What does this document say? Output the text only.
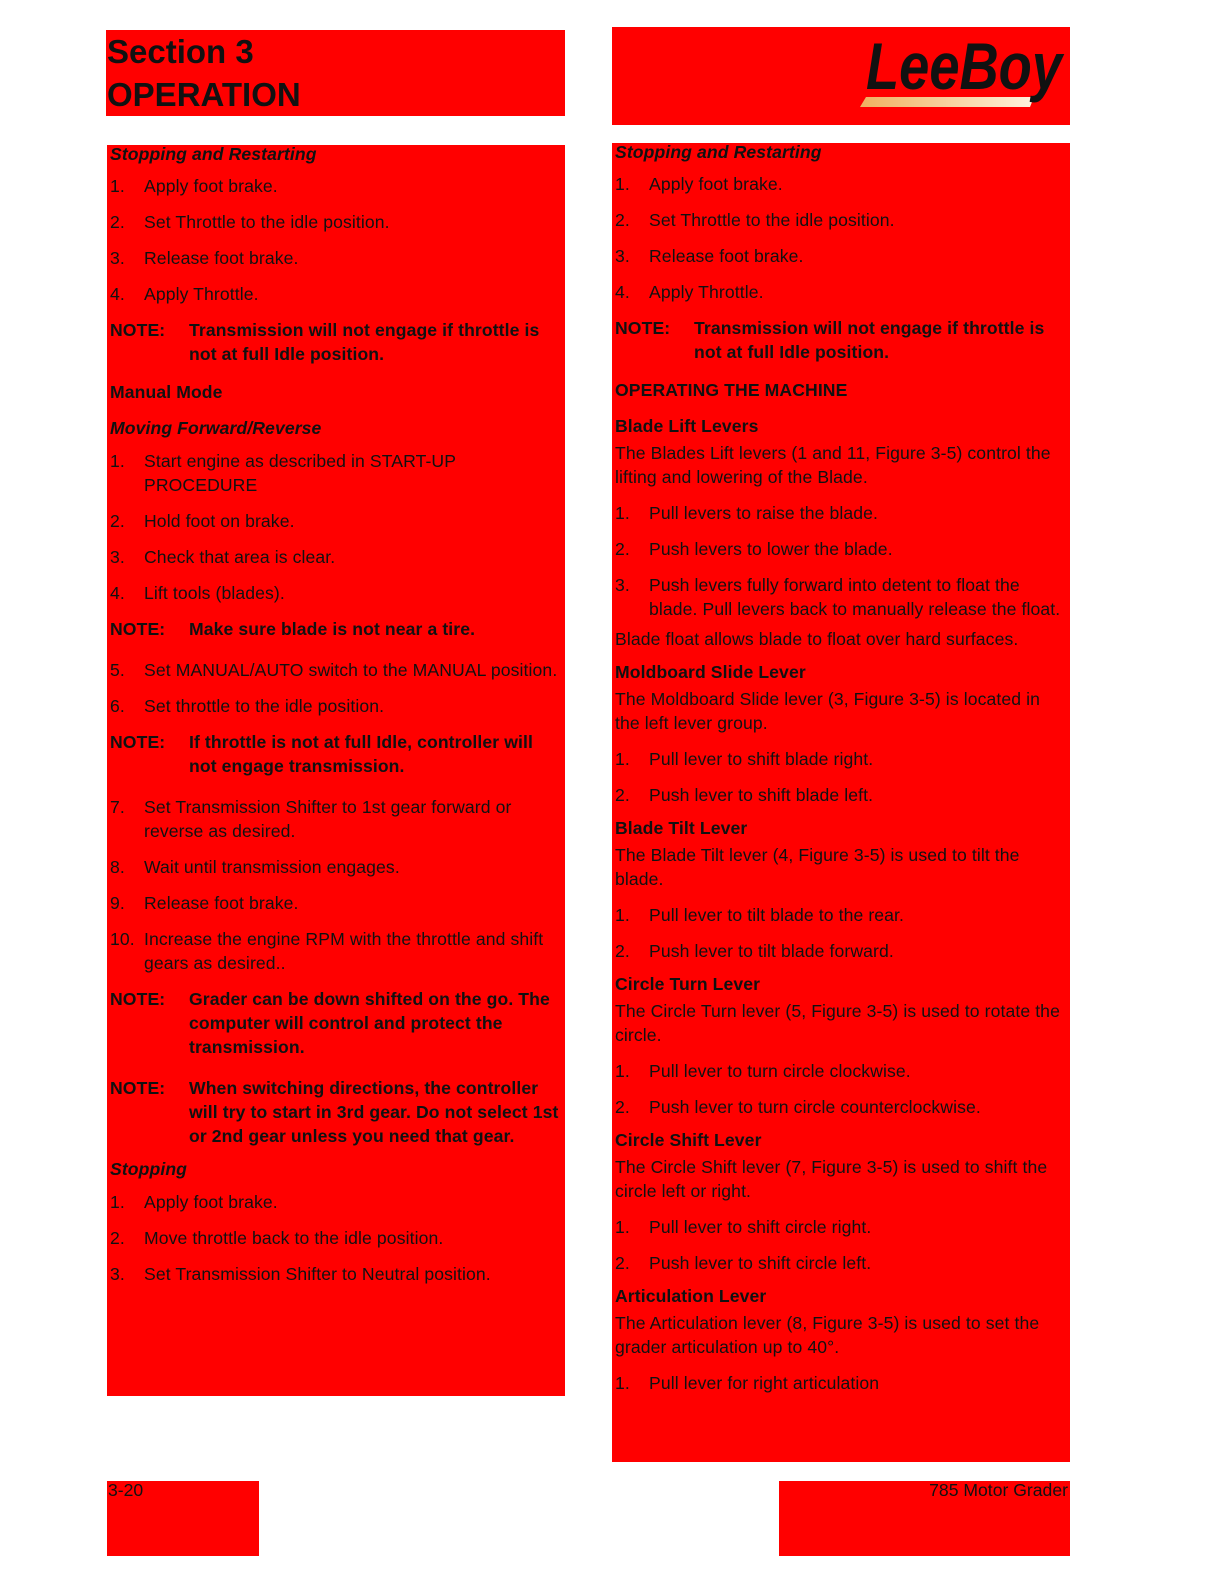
Section 3
OPERATION	LeeBoy
Stopping and Restarting
1.	Apply foot brake.
2.	Set Throttle to the idle position.
3.	Release foot brake.
4.	Apply Throttle.
NOTE:	Transmission will not engage if throttle is not at full Idle position.
Manual Mode
Moving Forward/Reverse
1.	Start engine as described in START-UP PROCEDURE
2.	Hold foot on brake.
3.	Check that area is clear.
4.	Lift tools (blades).
NOTE:	Make sure blade is not near a tire.
5.	Set MANUAL/AUTO switch to the MANUAL position.
6.	Set throttle to the idle position.
NOTE:	If throttle is not at full Idle, controller will not engage transmission.
7.	Set Transmission Shifter to 1st gear forward or reverse as desired.
8.	Wait until transmission engages.
9.	Release foot brake.
10. Increase the engine RPM with the throttle and shift gears as desired..
NOTE:	Grader can be down shifted on the go. The computer will control and protect the transmission.
NOTE:	When switching directions, the controller will try to start in 3rd gear. Do not select 1st or 2nd gear unless you need that gear.
Stopping
1.	Apply foot brake.
2.	Move throttle back to the idle position.
3.	Set Transmission Shifter to Neutral position.
Stopping and Restarting
1.	Apply foot brake.
2.	Set Throttle to the idle position.
3.	Release foot brake.
4.	Apply Throttle.
NOTE:	Transmission will not engage if throttle is not at full Idle position.
OPERATING THE MACHINE
Blade Lift Levers
The Blades Lift levers (1 and 11, Figure 3-5) control the lifting and lowering of the Blade.
1.	Pull levers to raise the blade.
2.	Push levers to lower the blade.
3.	Push levers fully forward into detent to float the blade. Pull levers back to manually release the float.
Blade float allows blade to float over hard surfaces.
Moldboard Slide Lever
The Moldboard Slide lever (3, Figure 3-5) is located in the left lever group.
1.	Pull lever to shift blade right.
2.	Push lever to shift blade left.
Blade Tilt Lever
The Blade Tilt lever (4, Figure 3-5) is used to tilt the blade.
1.	Pull lever to tilt blade to the rear.
2.	Push lever to tilt blade forward.
Circle Turn Lever
The Circle Turn lever (5, Figure 3-5) is used to rotate the circle.
1.	Pull lever to turn circle clockwise.
2.	Push lever to turn circle counterclockwise.
Circle Shift Lever
The Circle Shift lever (7, Figure 3-5) is used to shift the circle left or right.
1.	Pull lever to shift circle right.
2.	Push lever to shift circle left.
Articulation Lever
The Articulation lever (8, Figure 3-5) is used to set the grader articulation up to 40°.
1.	Pull lever for right articulation
3-20	785 Motor Grader
